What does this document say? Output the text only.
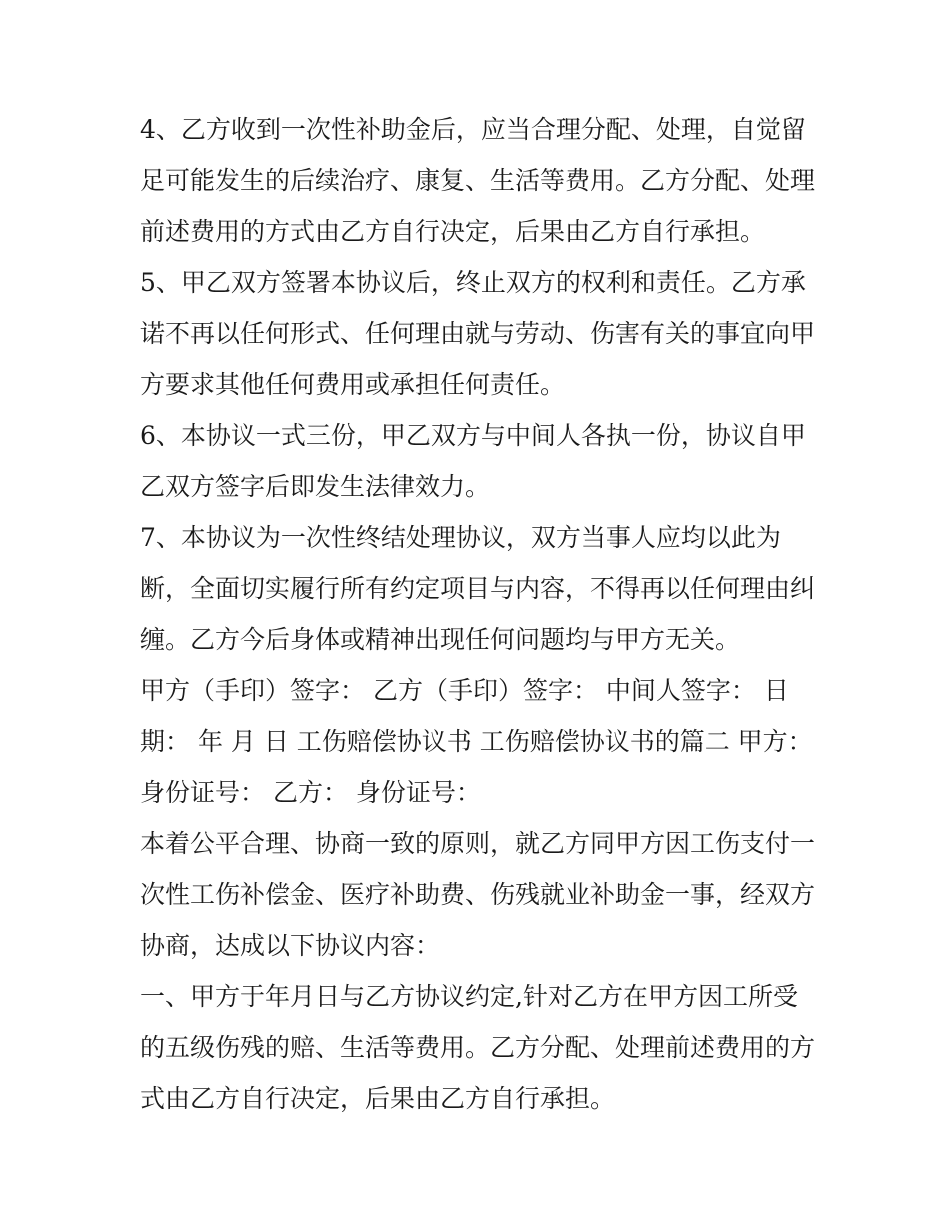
4、乙方收到一次性补助金后，应当合理分配、处理，自觉留
足可能发生的后续治疗、康复、生活等费用。乙方分配、处理
前述费用的方式由乙方自行决定，后果由乙方自行承担。
5、甲乙双方签署本协议后，终止双方的权利和责任。乙方承
诺不再以任何形式、任何理由就与劳动、伤害有关的事宜向甲
方要求其他任何费用或承担任何责任。
6、本协议一式三份，甲乙双方与中间人各执一份，协议自甲
乙双方签字后即发生法律效力。
7、本协议为一次性终结处理协议，双方当事人应均以此为
断，全面切实履行所有约定项目与内容，不得再以任何理由纠
缠。乙方今后身体或精神出现任何问题均与甲方无关。
甲方（手印）签字： 乙方（手印）签字： 中间人签字： 日
期： 年 月 日 工伤赔偿协议书 工伤赔偿协议书的篇二 甲方：
身份证号： 乙方： 身份证号：
本着公平合理、协商一致的原则，就乙方同甲方因工伤支付一
次性工伤补偿金、医疗补助费、伤残就业补助金一事，经双方
协商，达成以下协议内容：
一、甲方于年月日与乙方协议约定,针对乙方在甲方因工所受
的五级伤残的赔、生活等费用。乙方分配、处理前述费用的方
式由乙方自行决定，后果由乙方自行承担。
